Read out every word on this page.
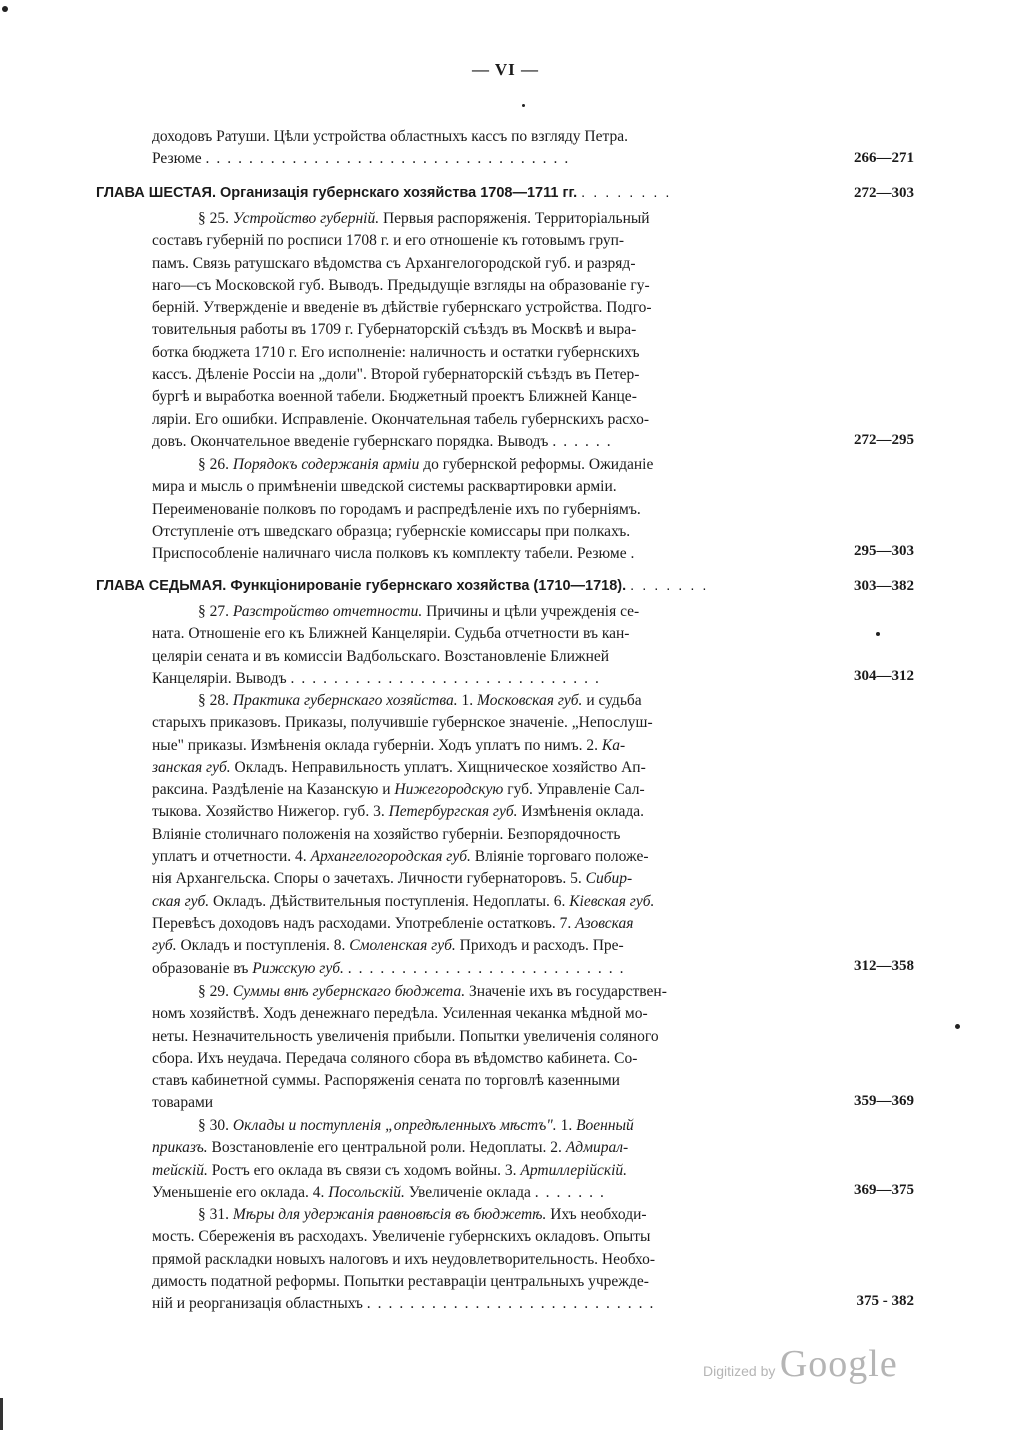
— VI —
доходовъ Ратуши. Цѣли устройства областныхъ кассъ по взгляду Петра.
Резюме ..................................	266—271
ГЛАВА ШЕСТАЯ. Организація губернскаго хозяйства 1708—1711 гг. ........	272—303
§ 25. Устройство губерній. Первыя распоряженія. Территоріальный
составъ губерній по росписи 1708 г. и его отношеніе къ готовымъ груп-
памъ. Связь ратушскаго вѣдомства съ Архангелогородской губ. и разряд-
наго—съ Московской губ. Выводъ. Предыдущіе взгляды на образованіе гу-
берній. Утвержденіе и введеніе въ дѣйствіе губернскаго устройства. Подго-
товительныя работы въ 1709 г. Губернаторскій съѣздъ въ Москвѣ и выра-
ботка бюджета 1710 г. Его исполненіе: наличность и остатки губернскихъ
кассъ. Дѣленіе Россіи на „доли". Второй губернаторскій съѣздъ въ Петер-
бургѣ и выработка военной табели. Бюджетный проектъ Ближней Канце-
ляріи. Его ошибки. Исправленіе. Окончательная табель губернскихъ расхо-
довъ. Окончательное введеніе губернскаго порядка. Выводъ ......	272—295
§ 26. Порядокъ содержанія арміи до губернской реформы. Ожиданіе
мира и мысль о примѣненіи шведской системы расквартировки арміи.
Переименованіе полковъ по городамъ и распредѣленіе ихъ по губерніямъ.
Отступленіе отъ шведскаго образца; губернскіе комиссары при полкахъ.
Приспособленіе наличнаго числа полковъ къ комплекту табели. Резюме .	295—303
ГЛАВА СЕДЬМАЯ. Функціонированіе губернскаго хозяйства (1710—1718). .......	303—382
§ 27. Разстройство отчетности. Причины и цѣли учрежденія се-
ната. Отношеніе его къ Ближней Канцеляріи. Судьба отчетности въ кан-
целяріи сената и въ комиссіи Вадбольскаго. Возстановленіе Ближней
Канцеляріи. Выводъ .............................	304—312
§ 28. Практика губернскаго хозяйства. 1. Московская губ. и судьба
старыхъ приказовъ. Приказы, получившіе губернское значеніе. „Непослуш-
ные" приказы. Измѣненія оклада губерніи. Ходъ уплатъ по нимъ. 2. Ка-
занская губ. Окладъ. Неправильность уплатъ. Хищническое хозяйство Ап-
раксина. Раздѣленіе на Казанскую и Нижегородскую губ. Управленіе Сал-
тыкова. Хозяйство Нижегор. губ. 3. Петербургская губ. Измѣненія оклада.
Вліяніе столичнаго положенія на хозяйство губерніи. Безпорядочность
уплатъ и отчетности. 4. Архангелогородская губ. Вліяніе торговаго положе-
нія Архангельска. Споры о зачетахъ. Личности губернаторовъ. 5. Сибир-
ская губ. Окладъ. Дѣйствительныя поступленія. Недоплаты. 6. Кіевская губ.
Перевѣсъ доходовъ надъ расходами. Употребленіе остатковъ. 7. Азовская
губ. Окладъ и поступленія. 8. Смоленская губ. Приходъ и расходъ. Пре-
образованіе въ Рижскую губ. ..........................	312—358
§ 29. Суммы внѣ губернскаго бюджета. Значеніе ихъ въ государствен-
номъ хозяйствѣ. Ходъ денежнаго передѣла. Усиленная чеканка мѣдной мо-
неты. Незначительность увеличенія прибыли. Попытки увеличенія соляного
сбора. Ихъ неудача. Передача соляного сбора въ вѣдомство кабинета. Со-
ставъ кабинетной суммы. Распоряженія сената по торговлѣ казенными
товарами	359—369
§ 30. Оклады и поступленія „опредѣленныхъ мѣстъ". 1. Военный
приказъ. Возстановленіе его центральной роли. Недоплаты. 2. Адмирал-
тейскій. Ростъ его оклада въ связи съ ходомъ войны. 3. Артиллерійскій.
Уменьшеніе его оклада. 4. Посольскій. Увеличеніе оклада .......	369—375
§ 31. Мѣры для удержанія равновѣсія въ бюджетѣ. Ихъ необходи-
мость. Сбереженія въ расходахъ. Увеличеніе губернскихъ окладовъ. Опыты
прямой раскладки новыхъ налоговъ и ихъ неудовлетворительность. Необхо-
димость податной реформы. Попытки реставраціи центральныхъ учрежде-
ній и реорганизація областныхъ ...........................	375 - 382
Digitized by Google
